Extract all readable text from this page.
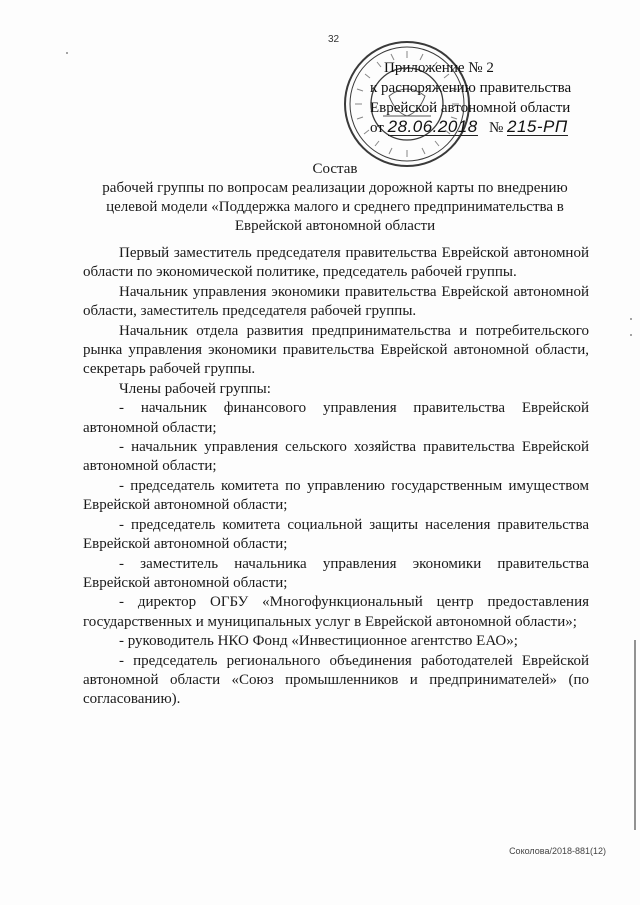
32
Приложение № 2
к распоряжению правительства
Еврейской автономной области
от 28.06.2018 № 215-РП
Состав
рабочей группы по вопросам реализации дорожной карты по внедрению
целевой модели «Поддержка малого и среднего предпринимательства в
Еврейской автономной области

Первый заместитель председателя правительства Еврейской автономной области по экономической политике, председатель рабочей группы.

Начальник управления экономики правительства Еврейской автономной области, заместитель председателя рабочей группы.

Начальник отдела развития предпринимательства и потребительского рынка управления экономики правительства Еврейской автономной области, секретарь рабочей группы.

Члены рабочей группы:

- начальник финансового управления правительства Еврейской автономной области;

- начальник управления сельского хозяйства правительства Еврейской автономной области;

- председатель комитета по управлению государственным имуществом Еврейской автономной области;

- председатель комитета социальной защиты населения правительства Еврейской автономной области;

- заместитель начальника управления экономики правительства Еврейской автономной области;

- директор ОГБУ «Многофункциональный центр предоставления государственных и муниципальных услуг в Еврейской автономной области»;

- руководитель НКО Фонд «Инвестиционное агентство ЕАО»;

- председатель регионального объединения работодателей Еврейской автономной области «Союз промышленников и предпринимателей» (по согласованию).

Соколова/2018-881(12)
